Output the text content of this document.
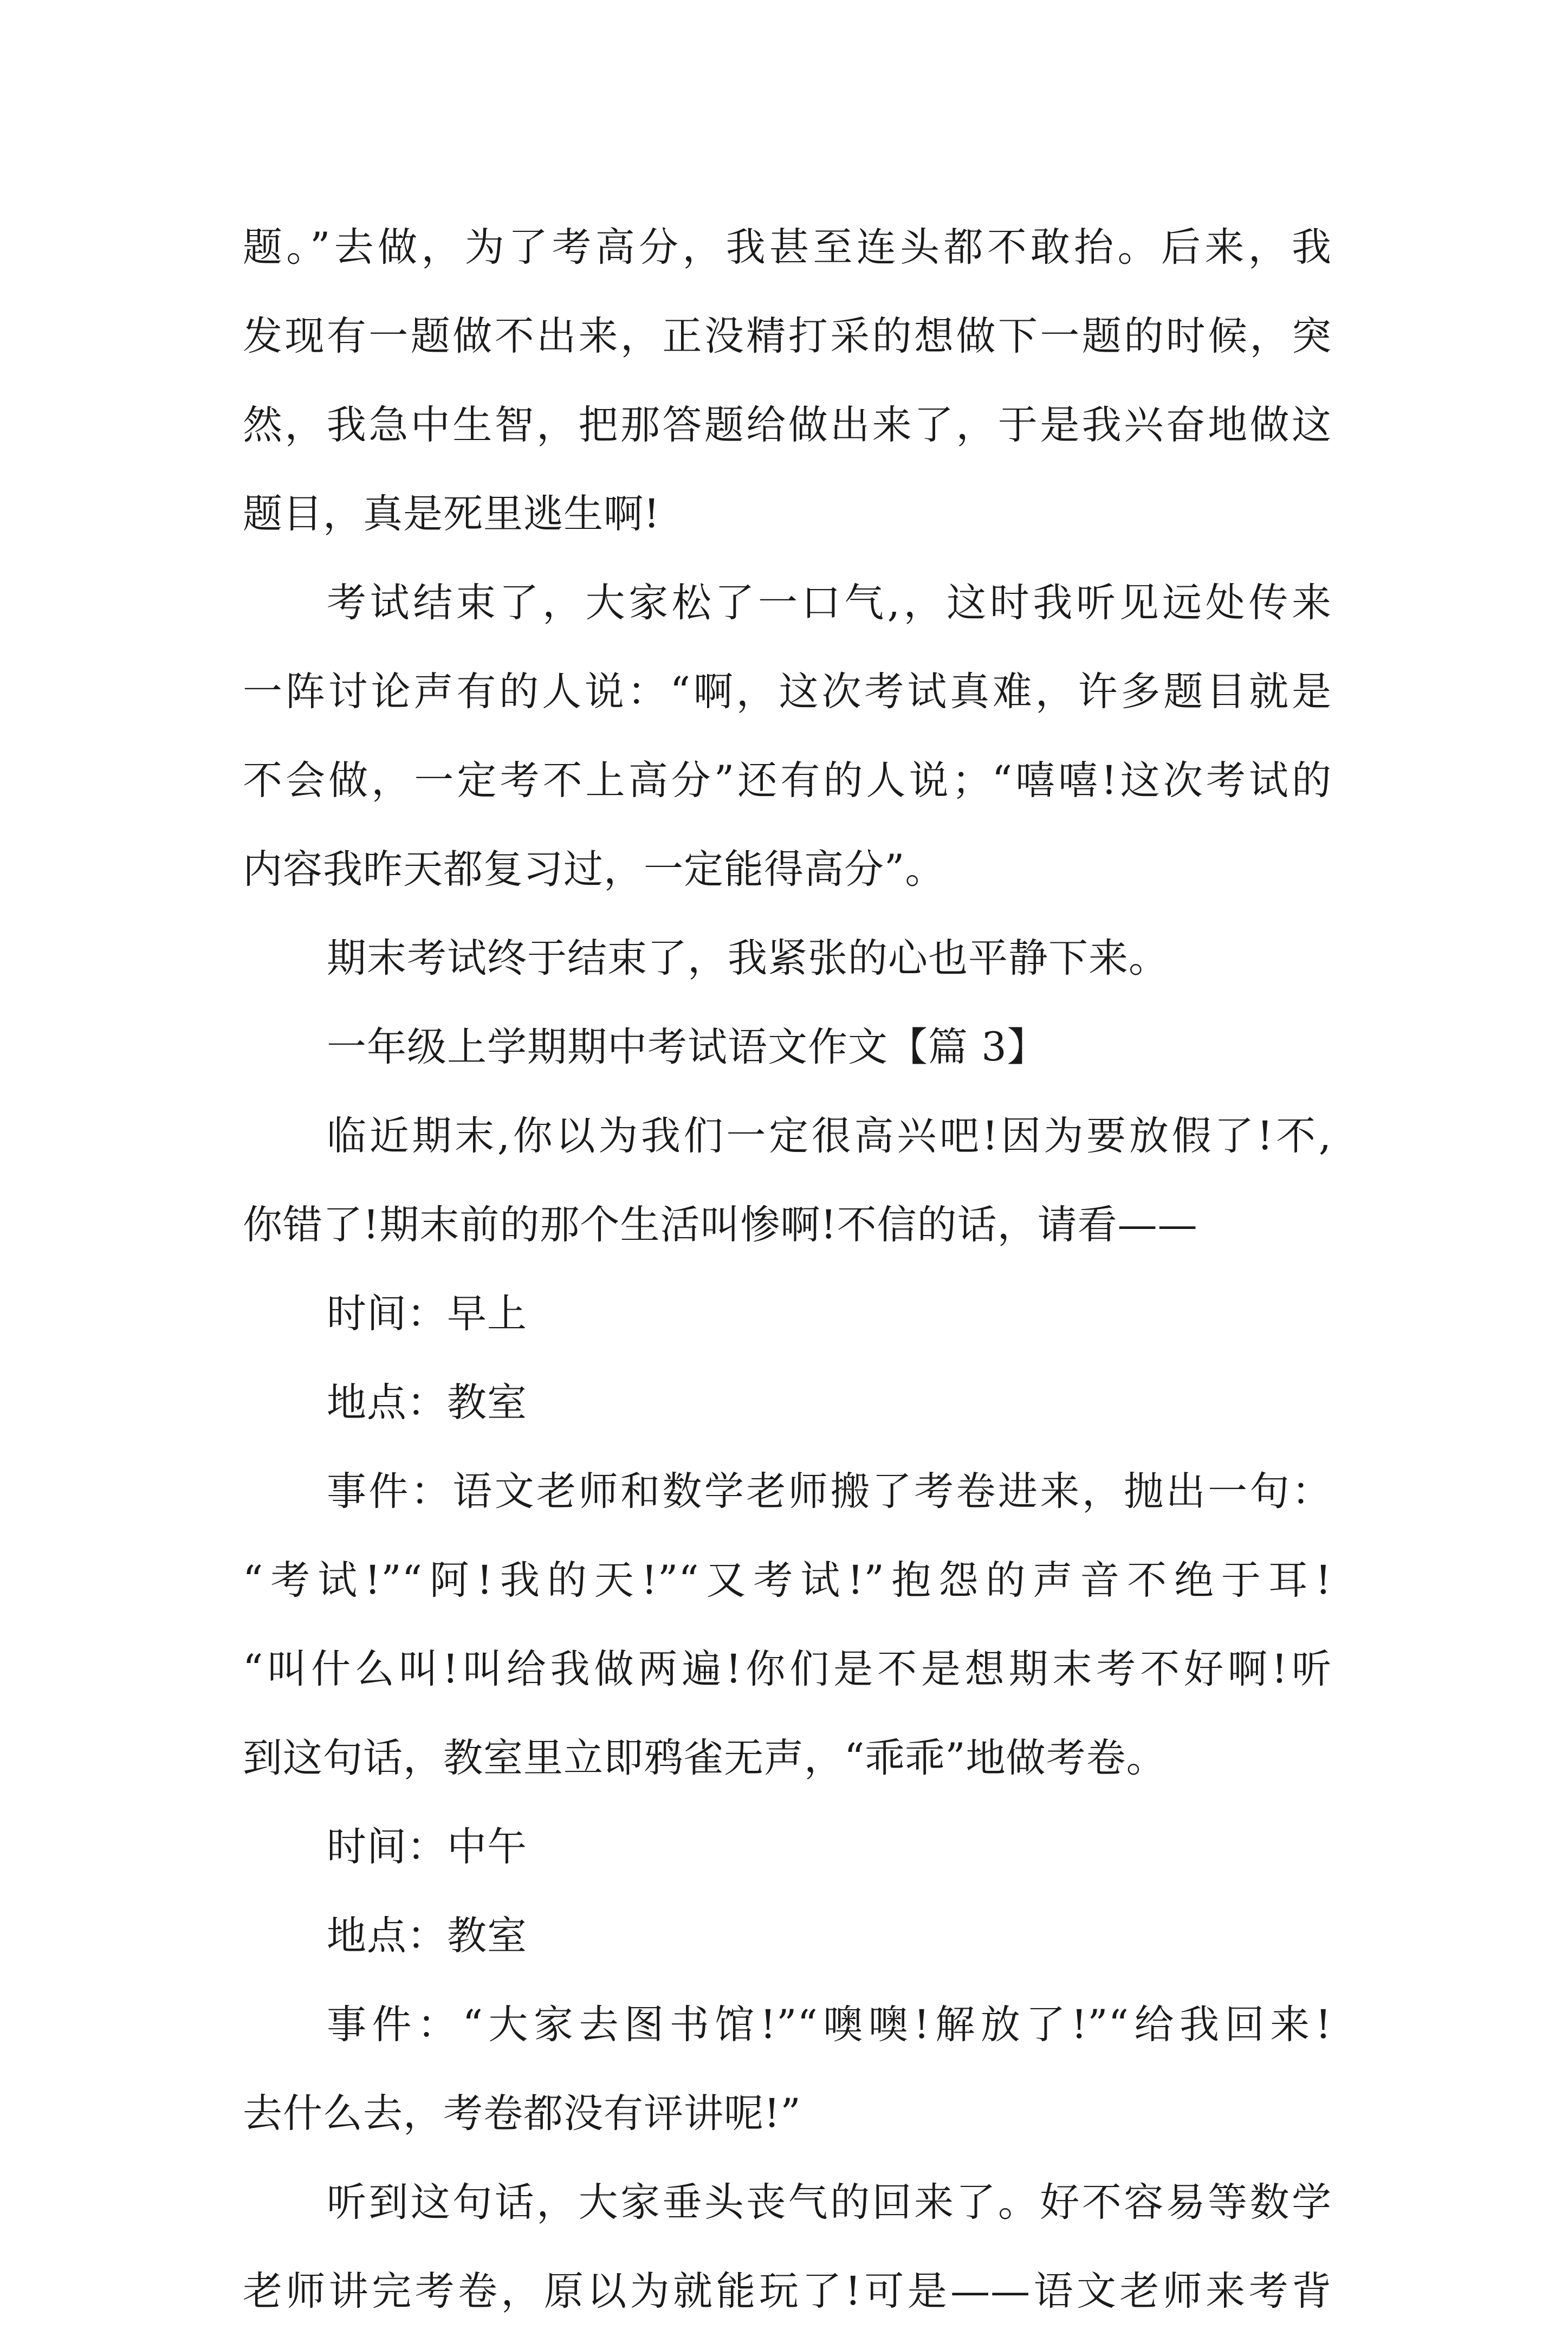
题。”去做，为了考高分，我甚至连头都不敢抬。后来，我
发现有一题做不出来，正没精打采的想做下一题的时候，突
然，我急中生智，把那答题给做出来了，于是我兴奋地做这
题目，真是死里逃生啊!
考试结束了，大家松了一口气,，这时我听见远处传来
一阵讨论声有的人说：“啊，这次考试真难，许多题目就是
不会做，一定考不上高分”还有的人说；“嘻嘻!这次考试的
内容我昨天都复习过，一定能得高分”。
期末考试终于结束了，我紧张的心也平静下来。
一年级上学期期中考试语文作文【篇 3】
临近期末,你以为我们一定很高兴吧!因为要放假了!不,
你错了!期末前的那个生活叫惨啊!不信的话，请看——
时间：早上
地点：教室
事件：语文老师和数学老师搬了考卷进来，抛出一句：
“考试!”“阿!我的天!”“又考试!”抱怨的声音不绝于耳!
“叫什么叫!叫给我做两遍!你们是不是想期末考不好啊!听
到这句话，教室里立即鸦雀无声，“乖乖”地做考卷。
时间：中午
地点：教室
事件：“大家去图书馆!”“噢噢!解放了!”“给我回来!
去什么去，考卷都没有评讲呢!”
听到这句话，大家垂头丧气的回来了。好不容易等数学
老师讲完考卷，原以为就能玩了!可是——语文老师来考背
